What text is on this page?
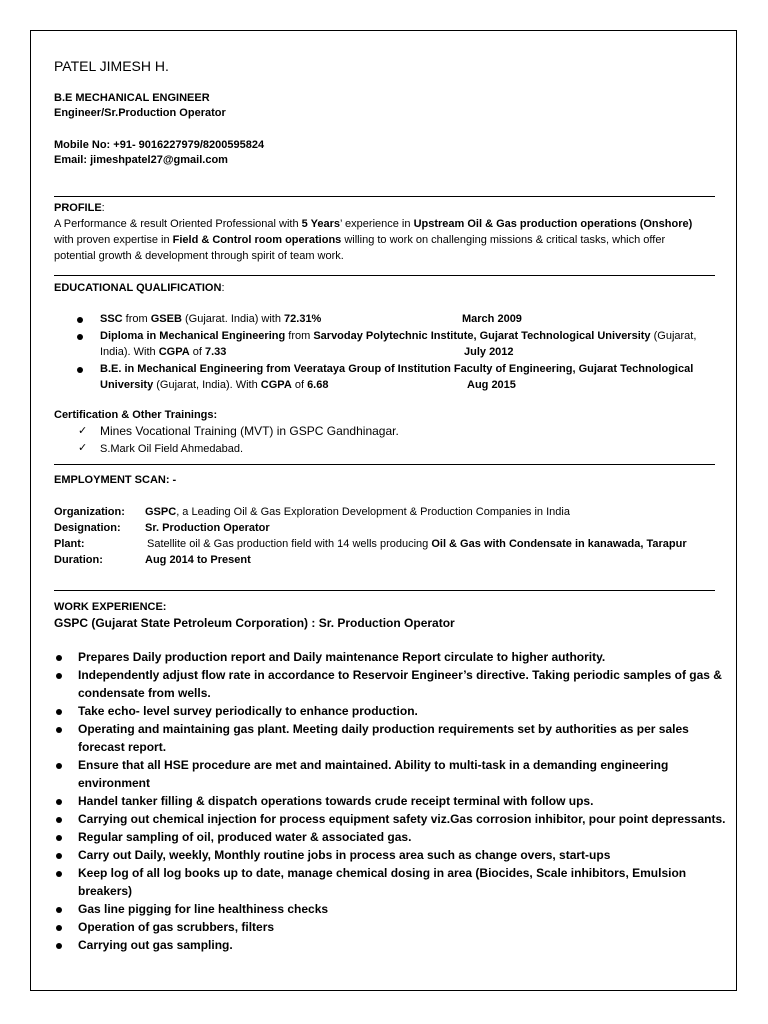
PATEL JIMESH H.
B.E MECHANICAL ENGINEER
Engineer/Sr.Production Operator
Mobile No: +91- 9016227979/8200595824
Email: jimeshpatel27@gmail.com
PROFILE:
A Performance & result Oriented Professional with 5 Years’ experience in Upstream Oil & Gas production operations (Onshore)
with proven expertise in Field & Control room operations willing to work on challenging missions & critical tasks, which offer
potential growth & development through spirit of team work.
EDUCATIONAL QUALIFICATION:
SSC from GSEB (Gujarat. India) with 72.31%	March 2009
Diploma in Mechanical Engineering from Sarvoday Polytechnic Institute, Gujarat Technological University (Gujarat,
India). With CGPA of 7.33	July 2012
B.E. in Mechanical Engineering from Veerataya Group of Institution Faculty of Engineering, Gujarat Technological
University (Gujarat, India). With CGPA of 6.68	Aug 2015
Certification & Other Trainings:
✓ Mines Vocational Training (MVT) in GSPC Gandhinagar.
✓ S.Mark Oil Field Ahmedabad.
EMPLOYMENT SCAN: -
Organization: GSPC, a Leading Oil & Gas Exploration Development & Production Companies in India
Designation: Sr. Production Operator
Plant:	Satellite oil & Gas production field with 14 wells producing Oil & Gas with Condensate in kanawada, Tarapur
Duration:	Aug 2014 to Present
WORK EXPERIENCE:
GSPC (Gujarat State Petroleum Corporation) : Sr. Production Operator
Prepares Daily production report and Daily maintenance Report circulate to higher authority.
Independently adjust flow rate in accordance to Reservoir Engineer’s directive. Taking periodic samples of gas &
condensate from wells.
Take echo- level survey periodically to enhance production.
Operating and maintaining gas plant. Meeting daily production requirements set by authorities as per sales
forecast report.
Ensure that all HSE procedure are met and maintained. Ability to multi-task in a demanding engineering
environment
Handel tanker filling & dispatch operations towards crude receipt terminal with follow ups.
Carrying out chemical injection for process equipment safety viz.Gas corrosion inhibitor, pour point depressants.
Regular sampling of oil, produced water & associated gas.
Carry out Daily, weekly, Monthly routine jobs in process area such as change overs, start-ups
Keep log of all log books up to date, manage chemical dosing in area (Biocides, Scale inhibitors, Emulsion
breakers)
Gas line pigging for line healthiness checks
Operation of gas scrubbers, filters
Carrying out gas sampling.
